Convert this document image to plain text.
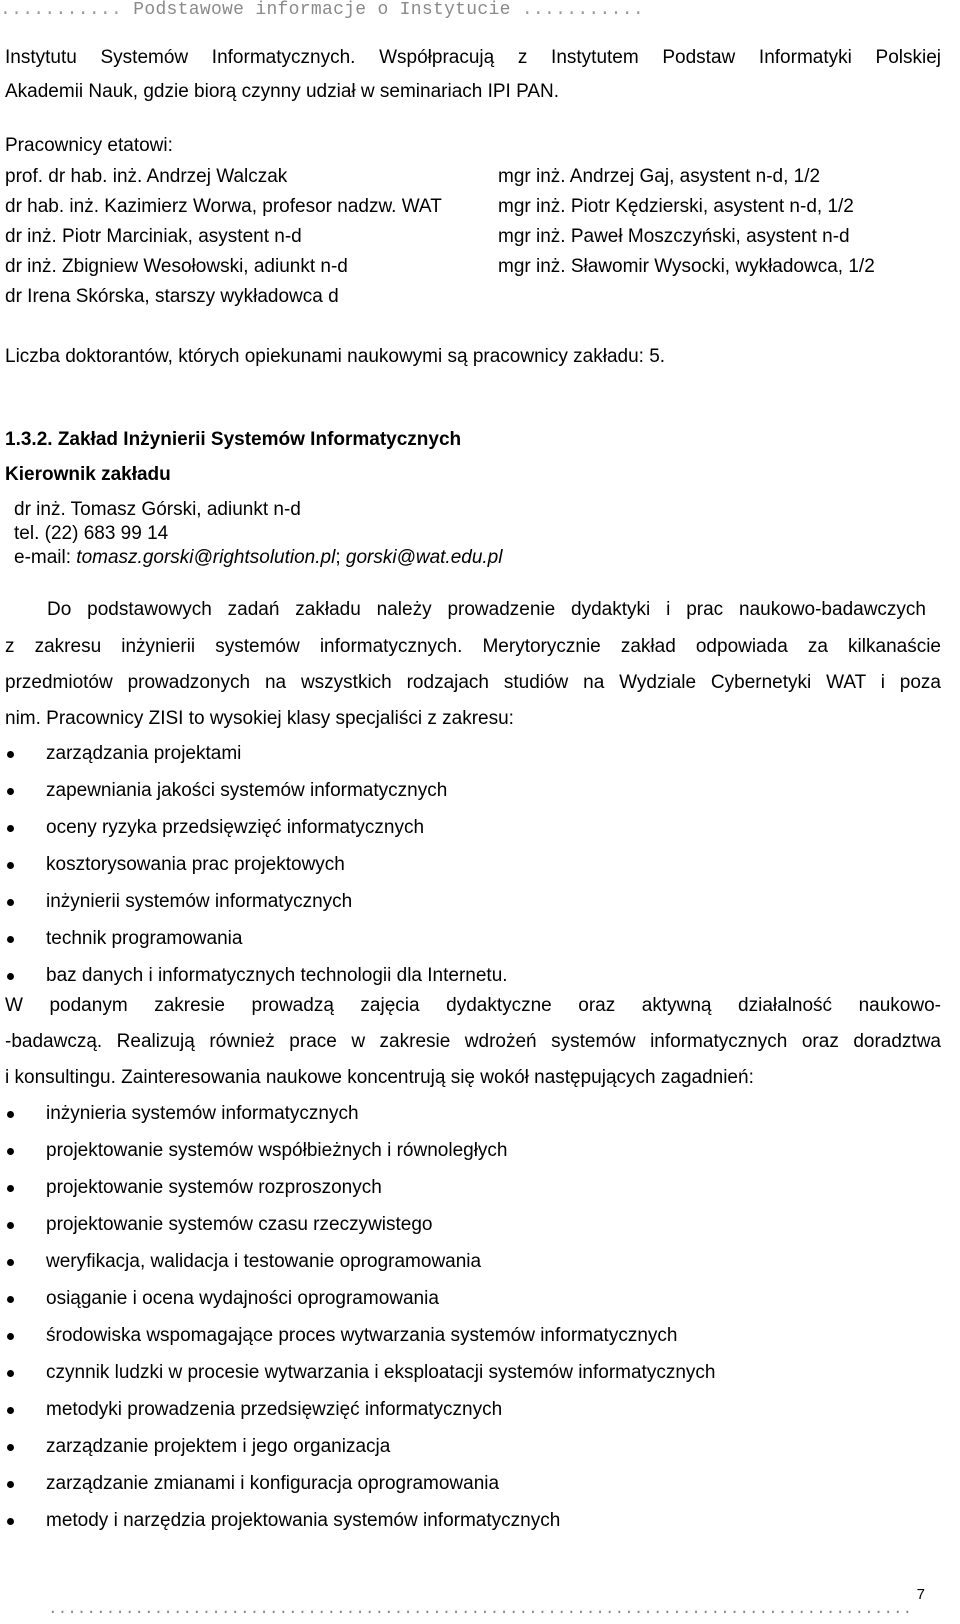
........... Podstawowe informacje o Instytucie ...........
Instytutu Systemów Informatycznych. Współpracują z Instytutem Podstaw Informatyki Polskiej
Akademii Nauk, gdzie biorą czynny udział w seminariach IPI PAN.
Pracownicy etatowi:
prof. dr hab. inż. Andrzej Walczak
dr hab. inż. Kazimierz Worwa, profesor nadzw. WAT
dr inż. Piotr Marciniak, asystent n-d
dr inż. Zbigniew Wesołowski, adiunkt n-d
dr Irena Skórska, starszy wykładowca d
mgr inż. Andrzej Gaj, asystent n-d, 1/2
mgr inż. Piotr Kędzierski, asystent n-d, 1/2
mgr inż. Paweł Moszczyński, asystent n-d
mgr inż. Sławomir Wysocki, wykładowca, 1/2
Liczba doktorantów, których opiekunami naukowymi są pracownicy zakładu: 5.
1.3.2. Zakład Inżynierii Systemów Informatycznych
Kierownik zakładu
dr inż. Tomasz Górski, adiunkt n-d
tel. (22) 683 99 14
e-mail: tomasz.gorski@rightsolution.pl; gorski@wat.edu.pl
Do podstawowych zadań zakładu należy prowadzenie dydaktyki i prac naukowo-badawczych
z zakresu inżynierii systemów informatycznych. Merytorycznie zakład odpowiada za kilkanaście
przedmiotów prowadzonych na wszystkich rodzajach studiów na Wydziale Cybernetyki WAT i poza
nim. Pracownicy ZISI to wysokiej klasy specjaliści z zakresu:
zarządzania projektami
zapewniania jakości systemów informatycznych
oceny ryzyka przedsięwzięć informatycznych
kosztorysowania prac projektowych
inżynierii systemów informatycznych
technik programowania
baz danych i informatycznych technologii dla Internetu.
W podanym zakresie prowadzą zajęcia dydaktyczne oraz aktywną działalność naukowo-
-badawczą. Realizują również prace w zakresie wdrożeń systemów informatycznych oraz doradztwa
i konsultingu. Zainteresowania naukowe koncentrują się wokół następujących zagadnień:
inżynieria systemów informatycznych
projektowanie systemów współbieżnych i równoległych
projektowanie systemów rozproszonych
projektowanie systemów czasu rzeczywistego
weryfikacja, walidacja i testowanie oprogramowania
osiąganie i ocena wydajności oprogramowania
środowiska wspomagające proces wytwarzania systemów informatycznych
czynnik ludzki w procesie wytwarzania i eksploatacji systemów informatycznych
metodyki prowadzenia przedsięwzięć informatycznych
zarządzanie projektem i jego organizacja
zarządzanie zmianami i konfiguracja oprogramowania
metody i narzędzia projektowania systemów informatycznych
..........................................................................................
7
